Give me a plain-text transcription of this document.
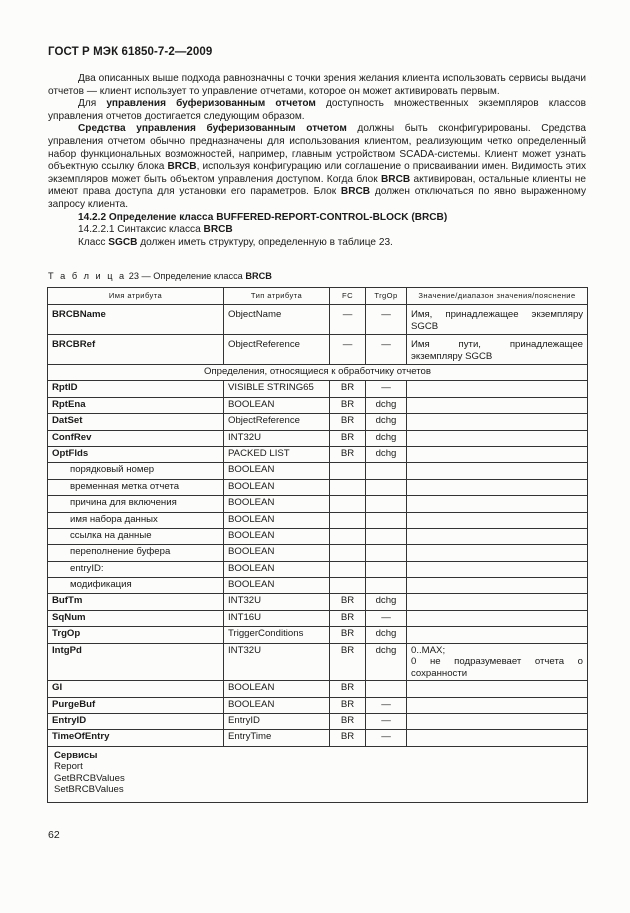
ГОСТ Р МЭК 61850-7-2—2009

Два описанных выше подхода равнозначны с точки зрения желания клиента использовать сервисы выдачи отчетов — клиент использует то управление отчетами, которое он может активировать первым.

Для управления буферизованным отчетом доступность множественных экземпляров классов управления отчетов достигается следующим образом.

Средства управления буферизованным отчетом должны быть сконфигурированы. Средства управления отчетом обычно предназначены для использования клиентом, реализующим четко определенный набор функциональных возможностей, например, главным устройством SCADA-системы. Клиент может узнать объектную ссылку блока BRCB, используя конфигурацию или соглашение о присваивании имен. Видимость этих экземпляров может быть объектом управления доступом. Когда блок BRCB активирован, остальные клиенты не имеют права доступа для установки его параметров. Блок BRCB должен отключаться по явно выраженному запросу клиента.

14.2.2 Определение класса BUFFERED-REPORT-CONTROL-BLOCK (BRCB)

14.2.2.1 Синтаксис класса BRCB

Класс SGCB должен иметь структуру, определенную в таблице 23.

Т а б л и ц а 23 — Определение класса BRCB
Имя атрибута	Тип атрибута	FC	TrgOp	Значение/диапазон значения/пояснение
BRCBName	ObjectName	—	—	Имя, принадлежащее экземпляру SGCB
BRCBRef	ObjectReference	—	—	Имя пути, принадлежащее экземпляру SGCB
Определения, относящиеся к обработчику отчетов				
RptID	VISIBLE STRING65	BR	—	
RptEna	BOOLEAN	BR	dchg	
DatSet	ObjectReference	BR	dchg	
ConfRev	INT32U	BR	dchg	
OptFlds	PACKED LIST	BR	dchg	
порядковый номер	BOOLEAN			
временная метка отчета	BOOLEAN			
причина для включения	BOOLEAN			
имя набора данных	BOOLEAN			
ссылка на данные	BOOLEAN			
переполнение буфера	BOOLEAN			
entryID:	BOOLEAN			
модификация	BOOLEAN			
BufTm	INT32U	BR	dchg	
SqNum	INT16U	BR	—	
TrgOp	TriggerConditions	BR	dchg	
IntgPd	INT32U	BR	dchg	0..MAX;
0 не подразумевает отчета о сохранности
GI	BOOLEAN	BR		
PurgeBuf	BOOLEAN	BR	—	
EntryID	EntryID	BR	—	
TimeOfEntry	EntryTime	BR	—	

Сервисы
Report
GetBRCBValues
SetBRCBValues				
62
